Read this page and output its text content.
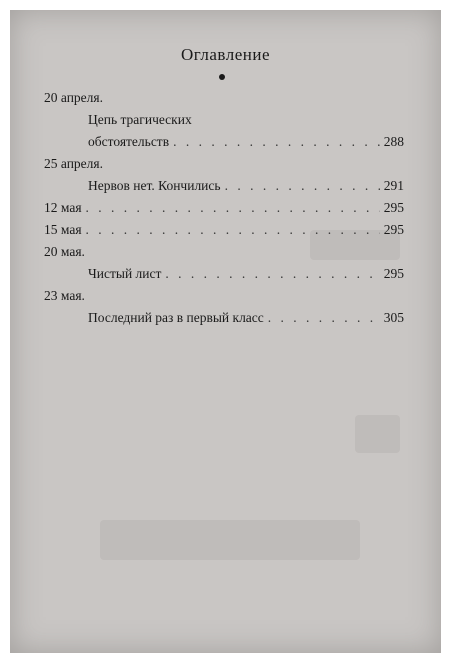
Оглавление
20 апреля.
Цепь трагических
обстоятельств . . .	288
25 апреля.
Нервов нет. Кончились . . .	291
12 мая . . .	295
15 мая . . .	295
20 мая.
Чистый лист . . .	295
23 мая.
Последний раз в первый класс . . .	305
